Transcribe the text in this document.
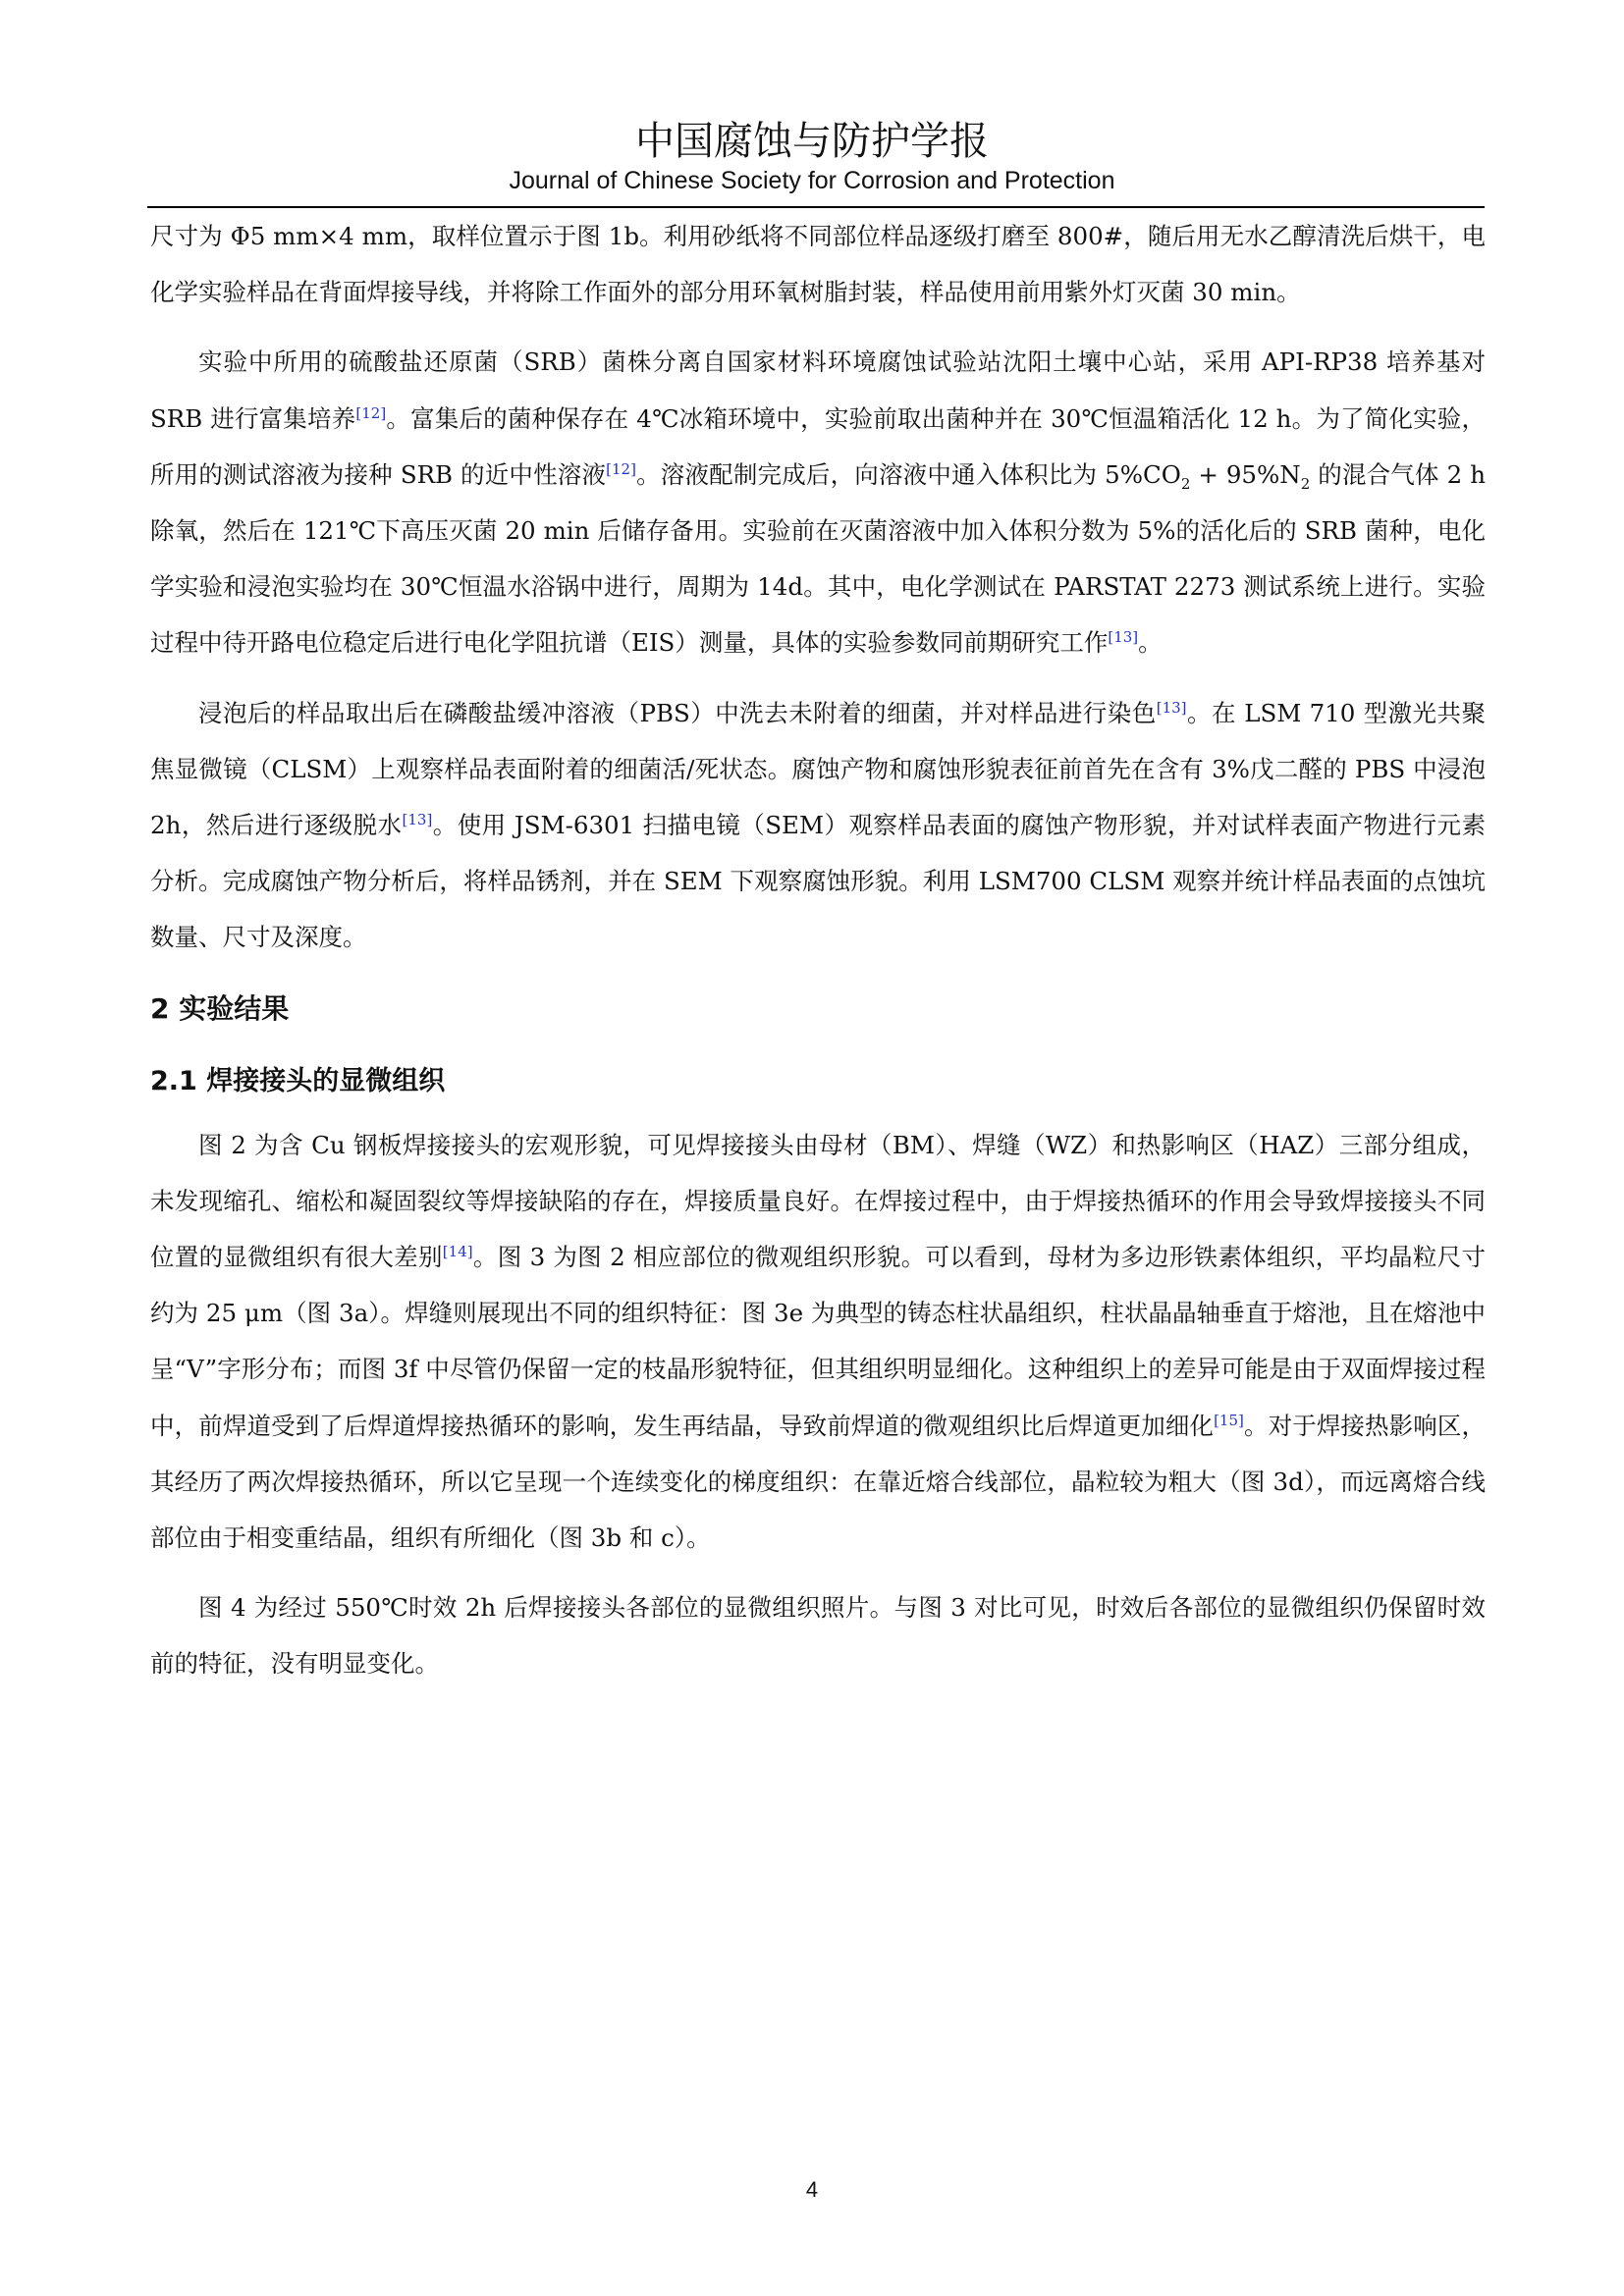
中国腐蚀与防护学报
Journal of Chinese Society for Corrosion and Protection

尺寸为 Φ5 mm×4 mm，取样位置示于图 1b。利用砂纸将不同部位样品逐级打磨至 800#，随后用无水乙醇清洗后烘干，电化学实验样品在背面焊接导线，并将除工作面外的部分用环氧树脂封装，样品使用前用紫外灯灭菌 30 min。

实验中所用的硫酸盐还原菌（SRB）菌株分离自国家材料环境腐蚀试验站沈阳土壤中心站，采用 API-RP38 培养基对 SRB 进行富集培养[12]。富集后的菌种保存在 4℃冰箱环境中，实验前取出菌种并在 30℃恒温箱活化 12 h。为了简化实验，所用的测试溶液为接种 SRB 的近中性溶液[12]。溶液配制完成后，向溶液中通入体积比为 $5\%CO_2 + 95\%N_2$ 的混合气体 2 h 除氧，然后在 121℃下高压灭菌 20 min 后储存备用。实验前在灭菌溶液中加入体积分数为 5%的活化后的 SRB 菌种，电化学实验和浸泡实验均在 30℃恒温水浴锅中进行，周期为 14d。其中，电化学测试在 PARSTAT 2273 测试系统上进行。实验过程中待开路电位稳定后进行电化学阻抗谱（EIS）测量，具体的实验参数同前期研究工作[13]。

浸泡后的样品取出后在磷酸盐缓冲溶液（PBS）中洗去未附着的细菌，并对样品进行染色[13]。在 LSM 710 型激光共聚焦显微镜（CLSM）上观察样品表面附着的细菌活/死状态。腐蚀产物和腐蚀形貌表征前首先在含有 3%戊二醛的 PBS 中浸泡 2h，然后进行逐级脱水[13]。使用 JSM-6301 扫描电镜（SEM）观察样品表面的腐蚀产物形貌，并对试样表面产物进行元素分析。完成腐蚀产物分析后，将样品锈剂，并在 SEM 下观察腐蚀形貌。利用 LSM700 CLSM 观察并统计样品表面的点蚀坑数量、尺寸及深度。

2 实验结果

2.1 焊接接头的显微组织

图 2 为含 Cu 钢板焊接接头的宏观形貌，可见焊接接头由母材（BM）、焊缝（WZ）和热影响区（HAZ）三部分组成，未发现缩孔、缩松和凝固裂纹等焊接缺陷的存在，焊接质量良好。在焊接过程中，由于焊接热循环的作用会导致焊接接头不同位置的显微组织有很大差别[14]。图 3 为图 2 相应部位的微观组织形貌。可以看到，母材为多边形铁素体组织，平均晶粒尺寸约为 25 μm（图 3a）。焊缝则展现出不同的组织特征：图 3e 为典型的铸态柱状晶组织，柱状晶晶轴垂直于熔池，且在熔池中呈“V”字形分布；而图 3f 中尽管仍保留一定的枝晶形貌特征，但其组织明显细化。这种组织上的差异可能是由于双面焊接过程中，前焊道受到了后焊道焊接热循环的影响，发生再结晶，导致前焊道的微观组织比后焊道更加细化[15]。对于焊接热影响区，其经历了两次焊接热循环，所以它呈现一个连续变化的梯度组织：在靠近熔合线部位，晶粒较为粗大（图 3d），而远离熔合线部位由于相变重结晶，组织有所细化（图 3b 和 c）。

图 4 为经过 550℃时效 2h 后焊接接头各部位的显微组织照片。与图 3 对比可见，时效后各部位的显微组织仍保留时效前的特征，没有明显变化。

4
